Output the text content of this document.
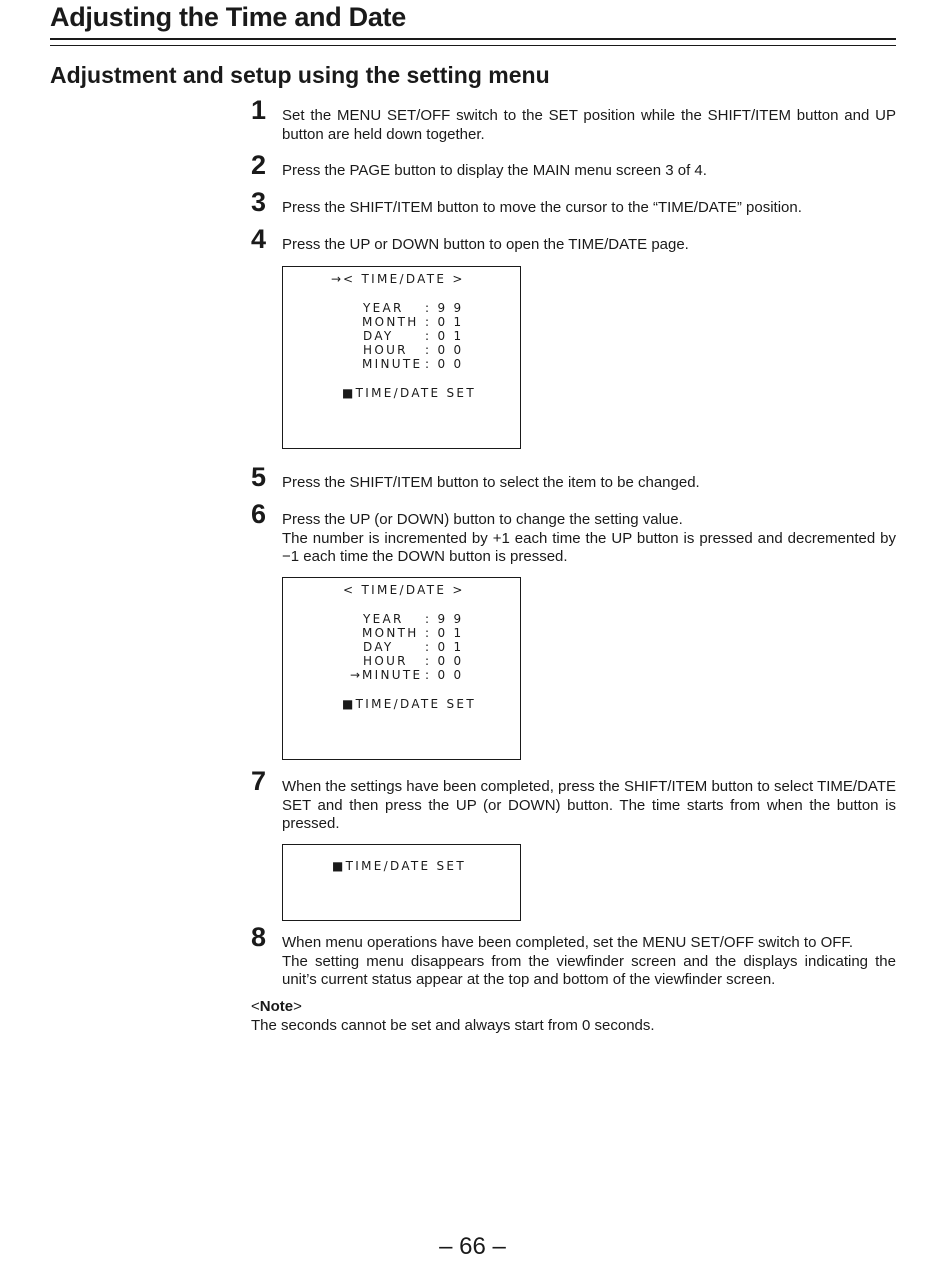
Adjusting the Time and Date
Adjustment and setup using the setting menu
1 Set the MENU SET/OFF switch to the SET position while the SHIFT/ITEM button and UP button are held down together.

2 Press the PAGE button to display the MAIN menu screen 3 of 4.

3 Press the SHIFT/ITEM button to move the cursor to the “TIME/DATE” position.

4 Press the UP or DOWN button to open the TIME/DATE page.

→ < TIME/DATE >
YEAR : 9 9
MONTH : 0 1
DAY	: 0 1
HOUR : 0 0
MINUTE : 0 0
■TIME/DATE SET
5 Press the SHIFT/ITEM button to select the item to be changed.

6 Press the UP (or DOWN) button to change the setting value.

The number is incremented by +1 each time the UP button is pressed and decremented by −1 each time the DOWN button is pressed.

< TIME/DATE >
YEAR : 9 9
MONTH : 0 1
DAY	: 0 1
HOUR : 0 0
→ MINUTE : 0 0
■TIME/DATE SET
7 When the settings have been completed, press the SHIFT/ITEM button to select TIME/DATE SET and then press the UP (or DOWN) button. The time starts from when the button is pressed.

■TIME/DATE SET
8 When menu operations have been completed, set the MENU SET/OFF switch to OFF.

The setting menu disappears from the viewfinder screen and the displays indicating the unit’s current status appear at the top and bottom of the viewfinder screen.

<Note>

The seconds cannot be set and always start from 0 seconds.

– 66 –
